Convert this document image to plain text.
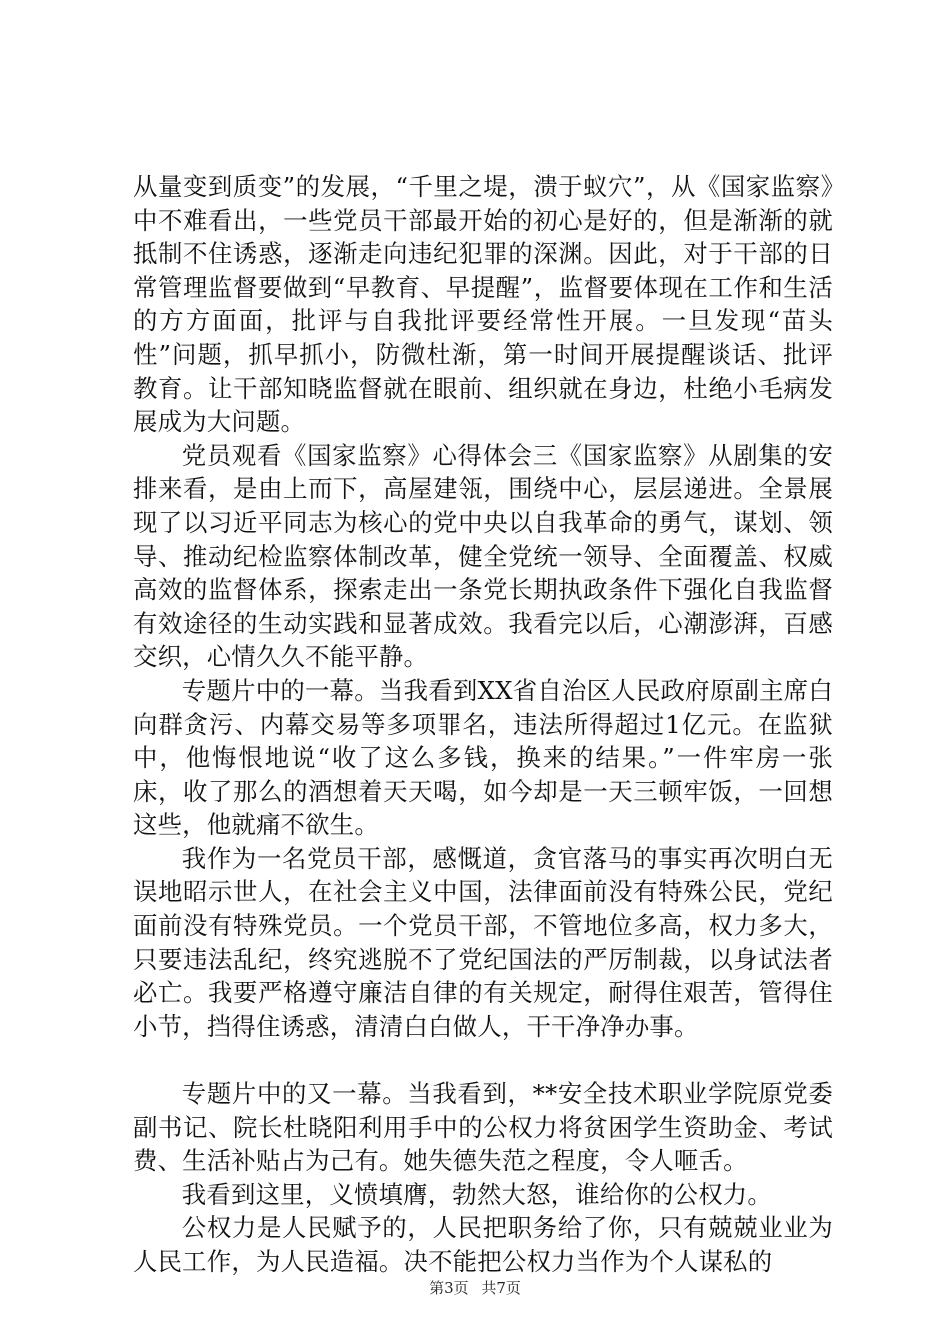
从量变到质变”的发展，“千里之堤，溃于蚁穴”，从《国家监察》中不难看出，一些党员干部最开始的初心是好的，但是渐渐的就抵制不住诱惑，逐渐走向违纪犯罪的深渊。因此，对于干部的日常管理监督要做到“早教育、早提醒”，监督要体现在工作和生活的方方面面，批评与自我批评要经常性开展。一旦发现“苗头性”问题，抓早抓小，防微杜渐，第一时间开展提醒谈话、批评教育。让干部知晓监督就在眼前、组织就在身边，杜绝小毛病发展成为大问题。

党员观看《国家监察》心得体会三《国家监察》从剧集的安排来看，是由上而下，高屋建瓴，围绕中心，层层递进。全景展现了以习近平同志为核心的党中央以自我革命的勇气，谋划、领导、推动纪检监察体制改革，健全党统一领导、全面覆盖、权威高效的监督体系，探索走出一条党长期执政条件下强化自我监督有效途径的生动实践和显著成效。我看完以后，心潮澎湃，百感交织，心情久久不能平静。

专题片中的一幕。当我看到XX省自治区人民政府原副主席白向群贪污、内幕交易等多项罪名，违法所得超过1亿元。在监狱中，他悔恨地说“收了这么多钱，换来的结果。”一件牢房一张床，收了那么的酒想着天天喝，如今却是一天三顿牢饭，一回想这些，他就痛不欲生。

我作为一名党员干部，感慨道，贪官落马的事实再次明白无误地昭示世人，在社会主义中国，法律面前没有特殊公民，党纪面前没有特殊党员。一个党员干部，不管地位多高，权力多大，只要违法乱纪，终究逃脱不了党纪国法的严厉制裁，以身试法者必亡。我要严格遵守廉洁自律的有关规定，耐得住艰苦，管得住小节，挡得住诱惑，清清白白做人，干干净净办事。

专题片中的又一幕。当我看到，**安全技术职业学院原党委副书记、院长杜晓阳利用手中的公权力将贫困学生资助金、考试费、生活补贴占为己有。她失德失范之程度，令人咂舌。

我看到这里，义愤填膺，勃然大怒，谁给你的公权力。

公权力是人民赋予的，人民把职务给了你，只有兢兢业业为人民工作，为人民造福。决不能把公权力当作为个人谋私的

第3页 共7页
